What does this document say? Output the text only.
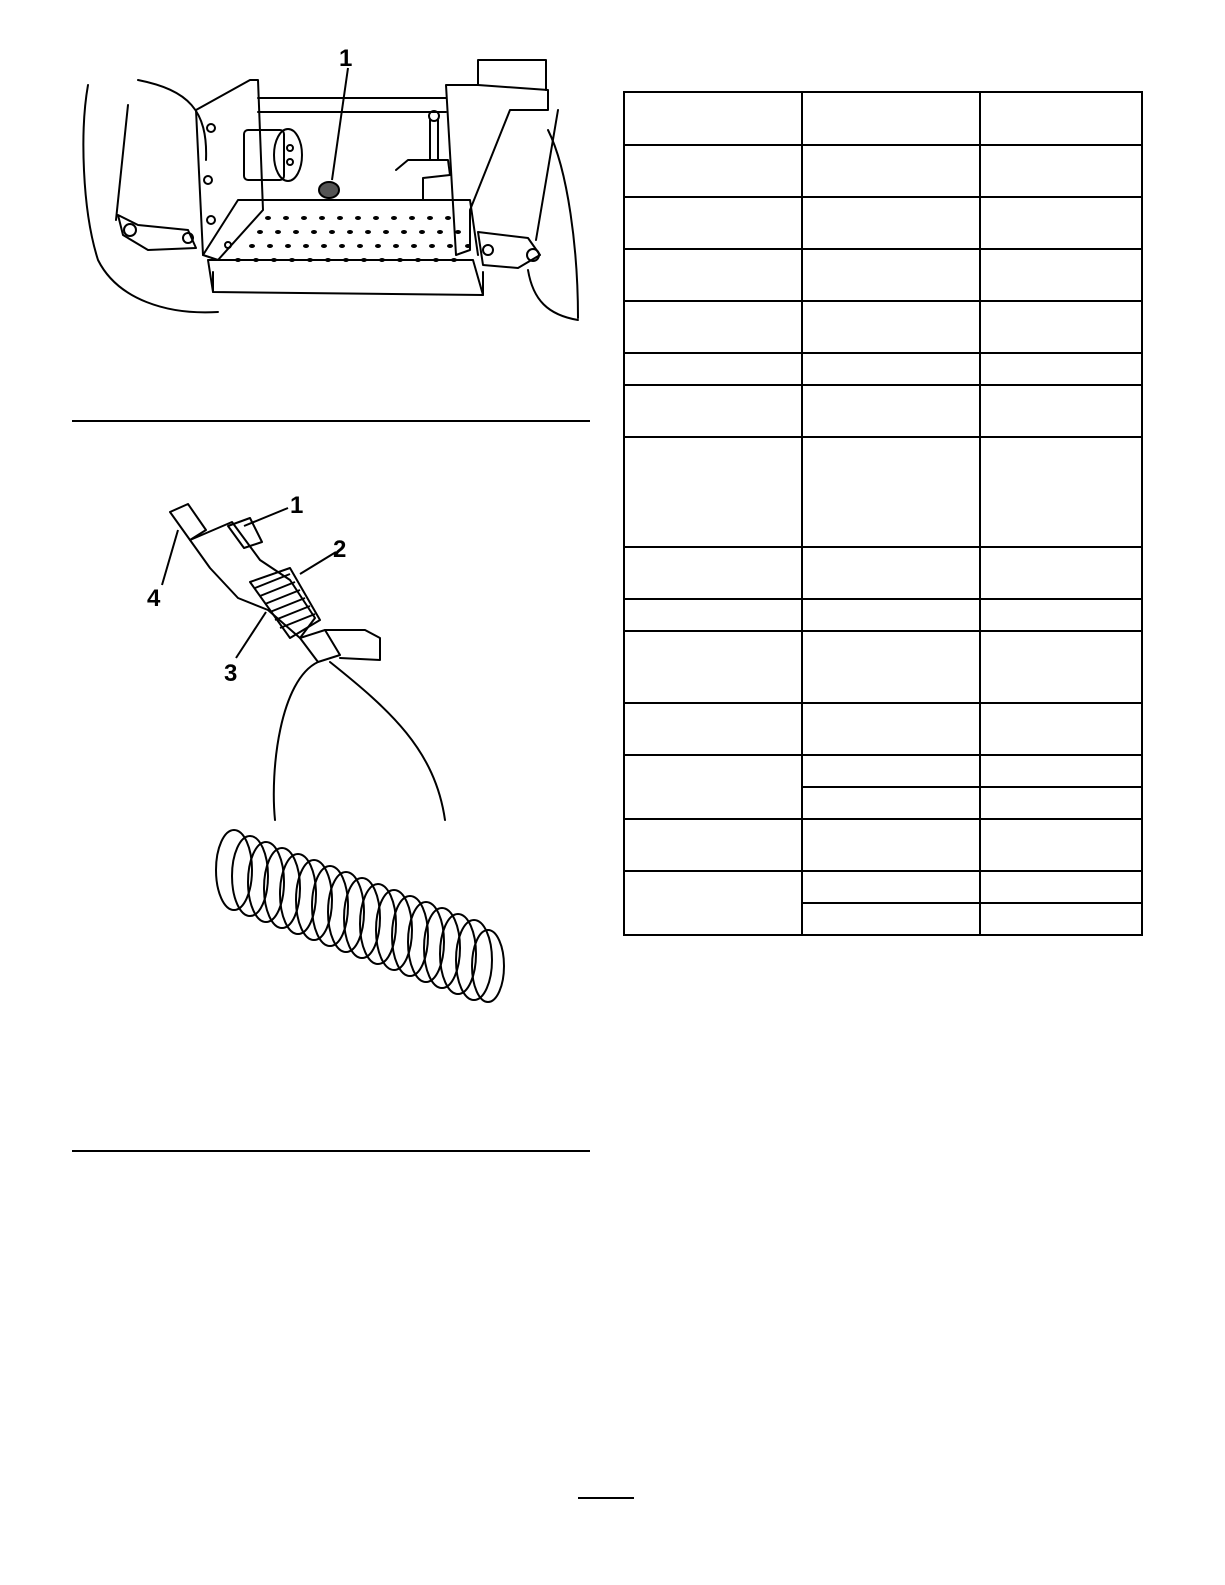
1
1
2
3
4
